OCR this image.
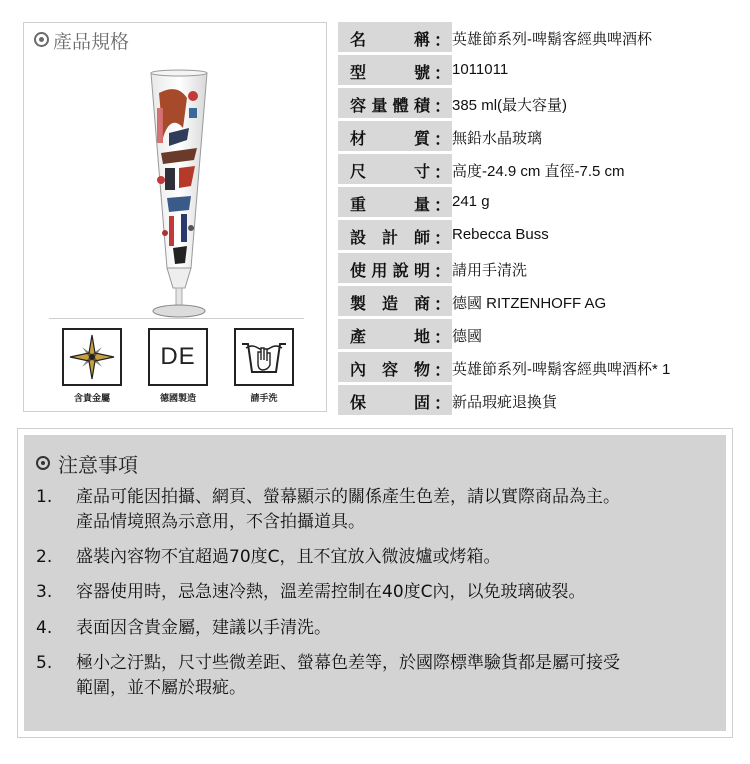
產品規格
含貴金屬
DE
德國製造	請手洗
名稱 ： 英雄節系列-啤鬍客經典啤酒杯
型號 ： 1011011
容量體積 ： 385 ml(最大容量)
材質 ： 無鉛水晶玻璃
尺寸 ： 高度-24.9 cm 直徑-7.5 cm
重量 ： 241 g
設計師 ： Rebecca Buss
使用說明 ： 請用手清洗
製造商 ： 德國 RITZENHOFF AG
產地 ： 德國
內容物 ： 英雄節系列-啤鬍客經典啤酒杯* 1
保固 ： 新品瑕疵退換貨
注意事項
1.	產品可能因拍攝、網頁、螢幕顯示的關係產生色差，請以實際商品為主。
產品情境照為示意用，不含拍攝道具。
2.	盛裝內容物不宜超過70度C，且不宜放入微波爐或烤箱。
3.	容器使用時，忌急速冷熱，溫差需控制在40度C內，以免玻璃破裂。
4.	表面因含貴金屬，建議以手清洗。
5.	極小之汙點，尺寸些微差距、螢幕色差等，於國際標準驗貨都是屬可接受
範圍，並不屬於瑕疵。
